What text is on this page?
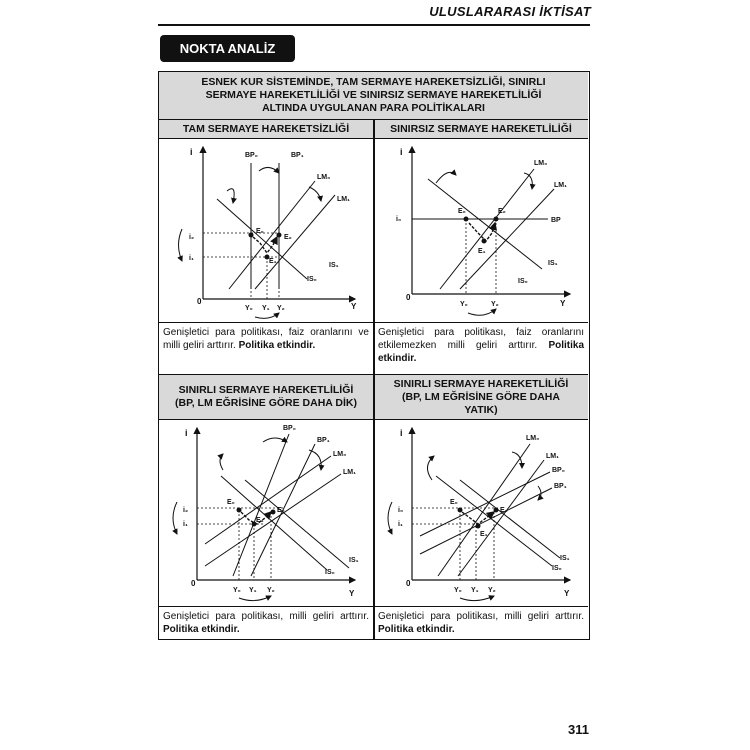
ULUSLARARASI İKTİSAT
NOKTA ANALİZ
ESNEK KUR SİSTEMİNDE, TAM SERMAYE HAREKETSİZLİĞİ, SINIRLI SERMAYE HAREKETLİLİĞİ VE SINIRSIZ SERMAYE HAREKETLİLİĞİ ALTINDA UYGULANAN PARA POLİTİKALARI
TAM SERMAYE HAREKETSİZLİĞİ	SINIRSIZ SERMAYE HAREKETLİLİĞİ
i
0
Y
BP₀	BP₁
LM₀
LM₁
IS₀
IS₁
E₀
E₁
E₂
i₂
i₁
Y₀ Y₁ Y₂
i
0
Y
BP
i₀
LM₀
LM₁
IS₀
IS₁
E₀	E₂
E₁
Y₀	Y₂
Genişletici para politikası, faiz oranlarını ve milli geliri arttırır. Politika etkindir.
Genişletici para politikası, faiz oranlarını etkilemezken milli geliri arttırır. Politika etkindir.
SINIRLI SERMAYE HAREKETLİLİĞİ (BP, LM EĞRİSİNE GÖRE DAHA DİK)
SINIRLI SERMAYE HAREKETLİLİĞİ (BP, LM EĞRİSİNE GÖRE DAHA YATIK)
i
0
Y
BP₀
BP₁
LM₀
LM₁
IS₀
IS₁
E₀
E₁
E₂
i₂
i₁
Y₀ Y₁ Y₂
i
0
Y
LM₀
LM₁
BP₀
BP₁
IS₀
IS₁
E₀
E₁
E₂
i₀
i₁
Y₀ Y₁ Y₂
Genişletici para politikası, milli geliri arttırır. Politika etkindir.
Genişletici para politikası, milli geliri arttırır. Politika etkindir.
311
